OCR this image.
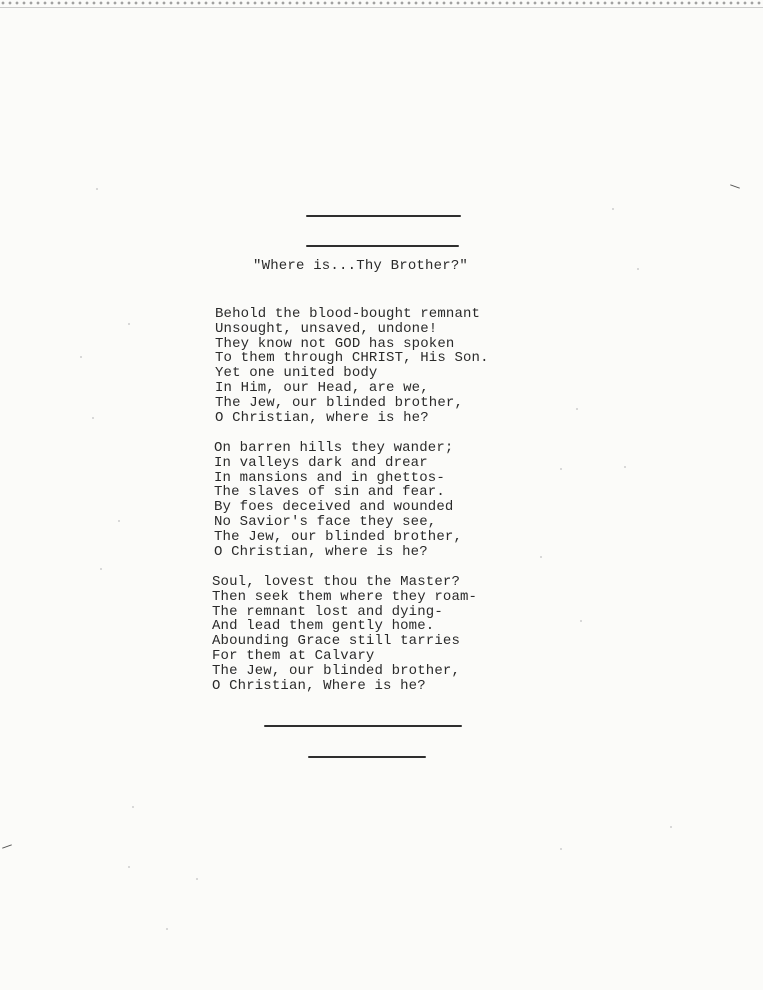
"Where is...Thy Brother?"
Behold the blood-bought remnant
Unsought, unsaved, undone!
They know not GOD has spoken
To them through CHRIST, His Son.
Yet one united body
In Him, our Head, are we,
The Jew, our blinded brother,
O Christian, where is he?
On barren hills they wander;
In valleys dark and drear
In mansions and in ghettos-
The slaves of sin and fear.
By foes deceived and wounded
No Savior's face they see,
The Jew, our blinded brother,
O Christian, where is he?
Soul, lovest thou the Master?
Then seek them where they roam-
The remnant lost and dying-
And lead them gently home.
Abounding Grace still tarries
For them at Calvary
The Jew, our blinded brother,
O Christian, Where is he?
